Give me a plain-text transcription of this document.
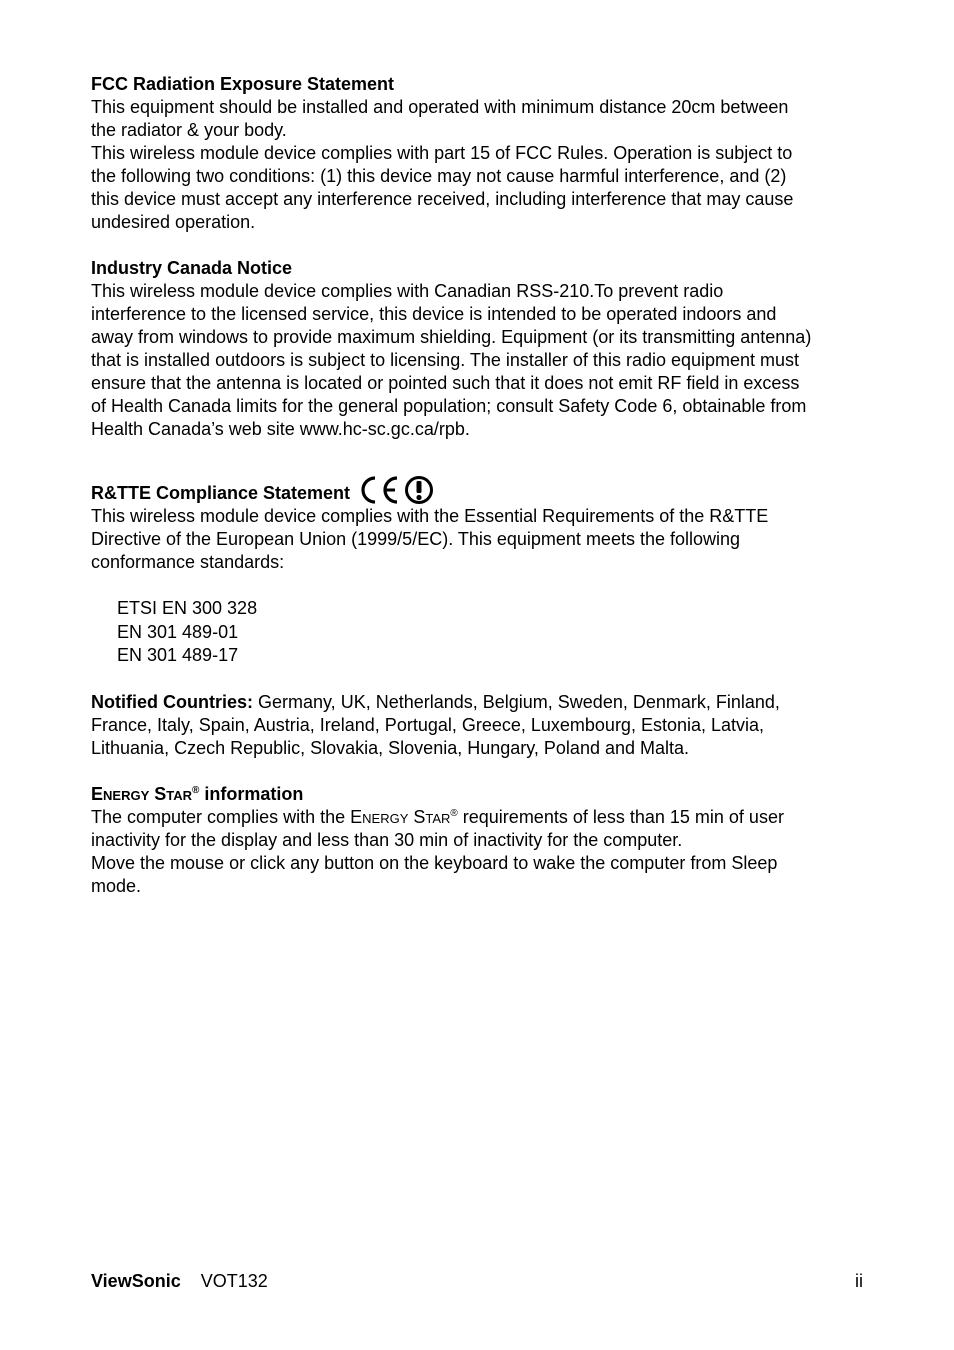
FCC Radiation Exposure Statement

This equipment should be installed and operated with minimum distance 20cm between

the radiator & your body.

This wireless module device complies with part 15 of FCC Rules. Operation is subject to

the following two conditions: (1) this device may not cause harmful interference, and (2)

this device must accept any interference received, including interference that may cause

undesired operation.

Industry Canada Notice

This wireless module device complies with Canadian RSS-210.To prevent radio

interference to the licensed service, this device is intended to be operated indoors and

away from windows to provide maximum shielding. Equipment (or its transmitting antenna)

that is installed outdoors is subject to licensing. The installer of this radio equipment must

ensure that the antenna is located or pointed such that it does not emit RF field in excess

of Health Canada limits for the general population; consult Safety Code 6, obtainable from

Health Canada’s web site www.hc-sc.gc.ca/rpb.

R&TTE Compliance Statement

This wireless module device complies with the Essential Requirements of the R&TTE

Directive of the European Union (1999/5/EC). This equipment meets the following

conformance standards:

ETSI EN 300 328
EN 301 489-01
EN 301 489-17

Notified Countries: Germany, UK, Netherlands, Belgium, Sweden, Denmark, Finland,

France, Italy, Spain, Austria, Ireland, Portugal, Greece, Luxembourg, Estonia, Latvia,

Lithuania, Czech Republic, Slovakia, Slovenia, Hungary, Poland and Malta.

Energy Star® information

The computer complies with the Energy Star® requirements of less than 15 min of user

inactivity for the display and less than 30 min of inactivity for the computer.

Move the mouse or click any button on the keyboard to wake the computer from Sleep

mode.

ViewSonic VOT132	ii
